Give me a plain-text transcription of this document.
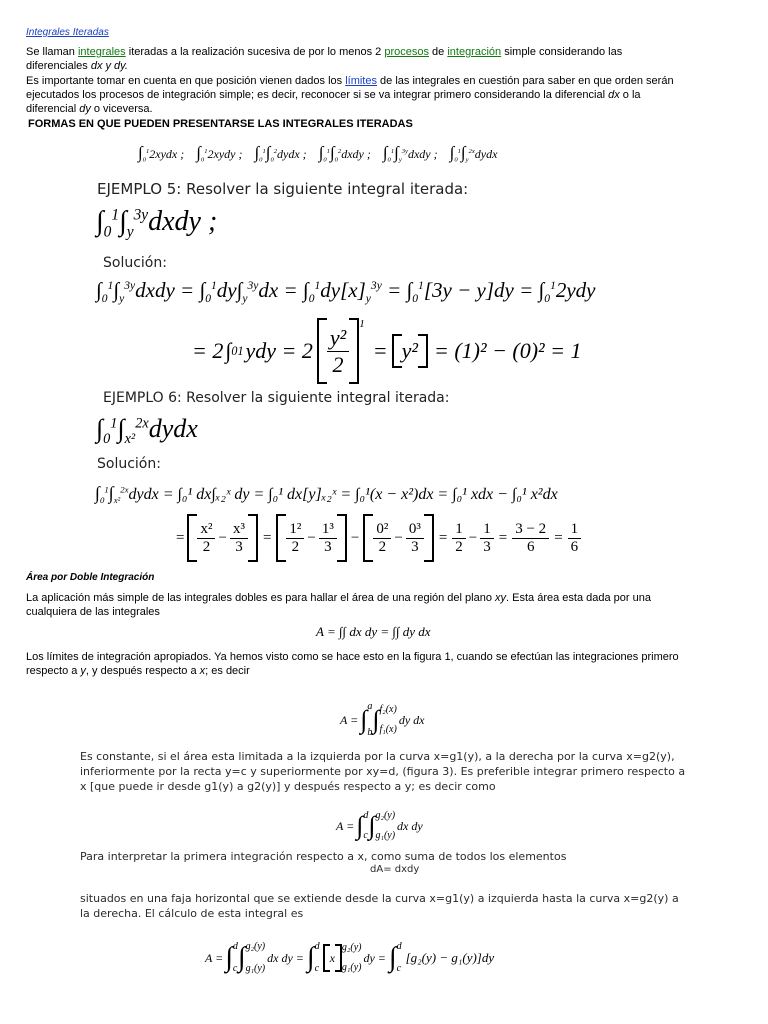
Integrales Iteradas
Se llaman integrales iteradas a la realización sucesiva de por lo menos 2 procesos de integración simple considerando las
diferenciales dx y dy.
Es importante tomar en cuenta en que posición vienen dados los límites de las integrales en cuestión para saber en que orden serán
ejecutados los procesos de integración simple; es decir, reconocer si se va integrar primero considerando la diferencial dx o la
diferencial dy o viceversa.
FORMAS EN QUE PUEDEN PRESENTARSE LAS INTEGRALES ITERADAS
$\int_0^12xydx$ ; $\int_0^12xydy$ ; $\int_0^1\int_0^2dydx$ ; $\int_0^1\int_0^2dxdy$ ; $\int_0^1\int_y^{3y}dxdy$ ; $\int_0^1\int_y^{2x}dydx$
EJEMPLO 5: Resolver la siguiente integral iterada:
$\int_0^1\int_y^{3y}dxdy$ ;
Solución:
$\int_0^1\int_y^{3y}dxdy = \int_0^1dy\int_y^{3y}dx = \int_0^1dy[x]_y^{3y} = \int_0^1[3y - y]dy = \int_0^12ydy$
= 2 ∫ 0 1 ydy = $2 \frac{\text{y²}}{2}$
1
= y² = (1)² − (0)² = 1
EJEMPLO 6: Resolver la siguiente integral iterada:
$\int_0^1\int_{x^2}^{2x}dydx$
Solución:
$\int_0^1\int_{x^2}^{2x}dydx = \int_0^1$ dx∫ₓ₂ˣ dy = ∫₀¹ dx[y]ₓ₂ˣ = ∫₀¹(x − x²)dx = ∫₀¹ xdx − ∫₀¹ x²dx
= $\frac{\text{x²}}{2} - \frac{\text{x³}}{3} = \frac{\text{1²}}{2} - \frac{\text{1³}}{3} - \frac{\text{0²}}{2} - \frac{\text{0³}}{3} = \frac{1}{2} - \frac{1}{3} = \frac{3 - 2}{6} = \frac{1}{6}$
Área por Doble Integración
La aplicación más simple de las integrales dobles es para hallar el área de una región del plano xy. Esta área esta dada por una
cualquiera de las integrales
A = ∫∫ dx dy = ∫∫ dy dx
Los límites de integración apropiados. Ya hemos visto como se hace esto en la figura 1, cuando se efectúan las integraciones primero
respecto a y, y después respecto a x; es decir
A = ∫ a
b ∫ f₂(x)
f₁(x)
dy dx
Es constante, si el área esta limitada a la izquierda por la curva x=g1(y), a la derecha por la curva x=g2(y),
inferiormente por la recta y=c y superiormente por xy=d, (figura 3). Es preferible integrar primero respecto a
x [que puede ir desde g1(y) a g2(y)] y después respecto a y; es decir como
A = ∫ d
c ∫ g₂(y)
g₁(y)
dx dy
Para interpretar la primera integración respecto a x, como suma de todos los elementos
dA= dxdy
situados en una faja horizontal que se extiende desde la curva x=g1(y) a izquierda hasta la curva x=g2(y) a
la derecha. El cálculo de esta integral es
A = ∫ d
c ∫ g₂(y)
g₁(y)
dx dy = ∫ d
c
x
g₂(y)
g₁(y)
dy = ∫ d
c
[g₂(y) − g₁(y)]dy
